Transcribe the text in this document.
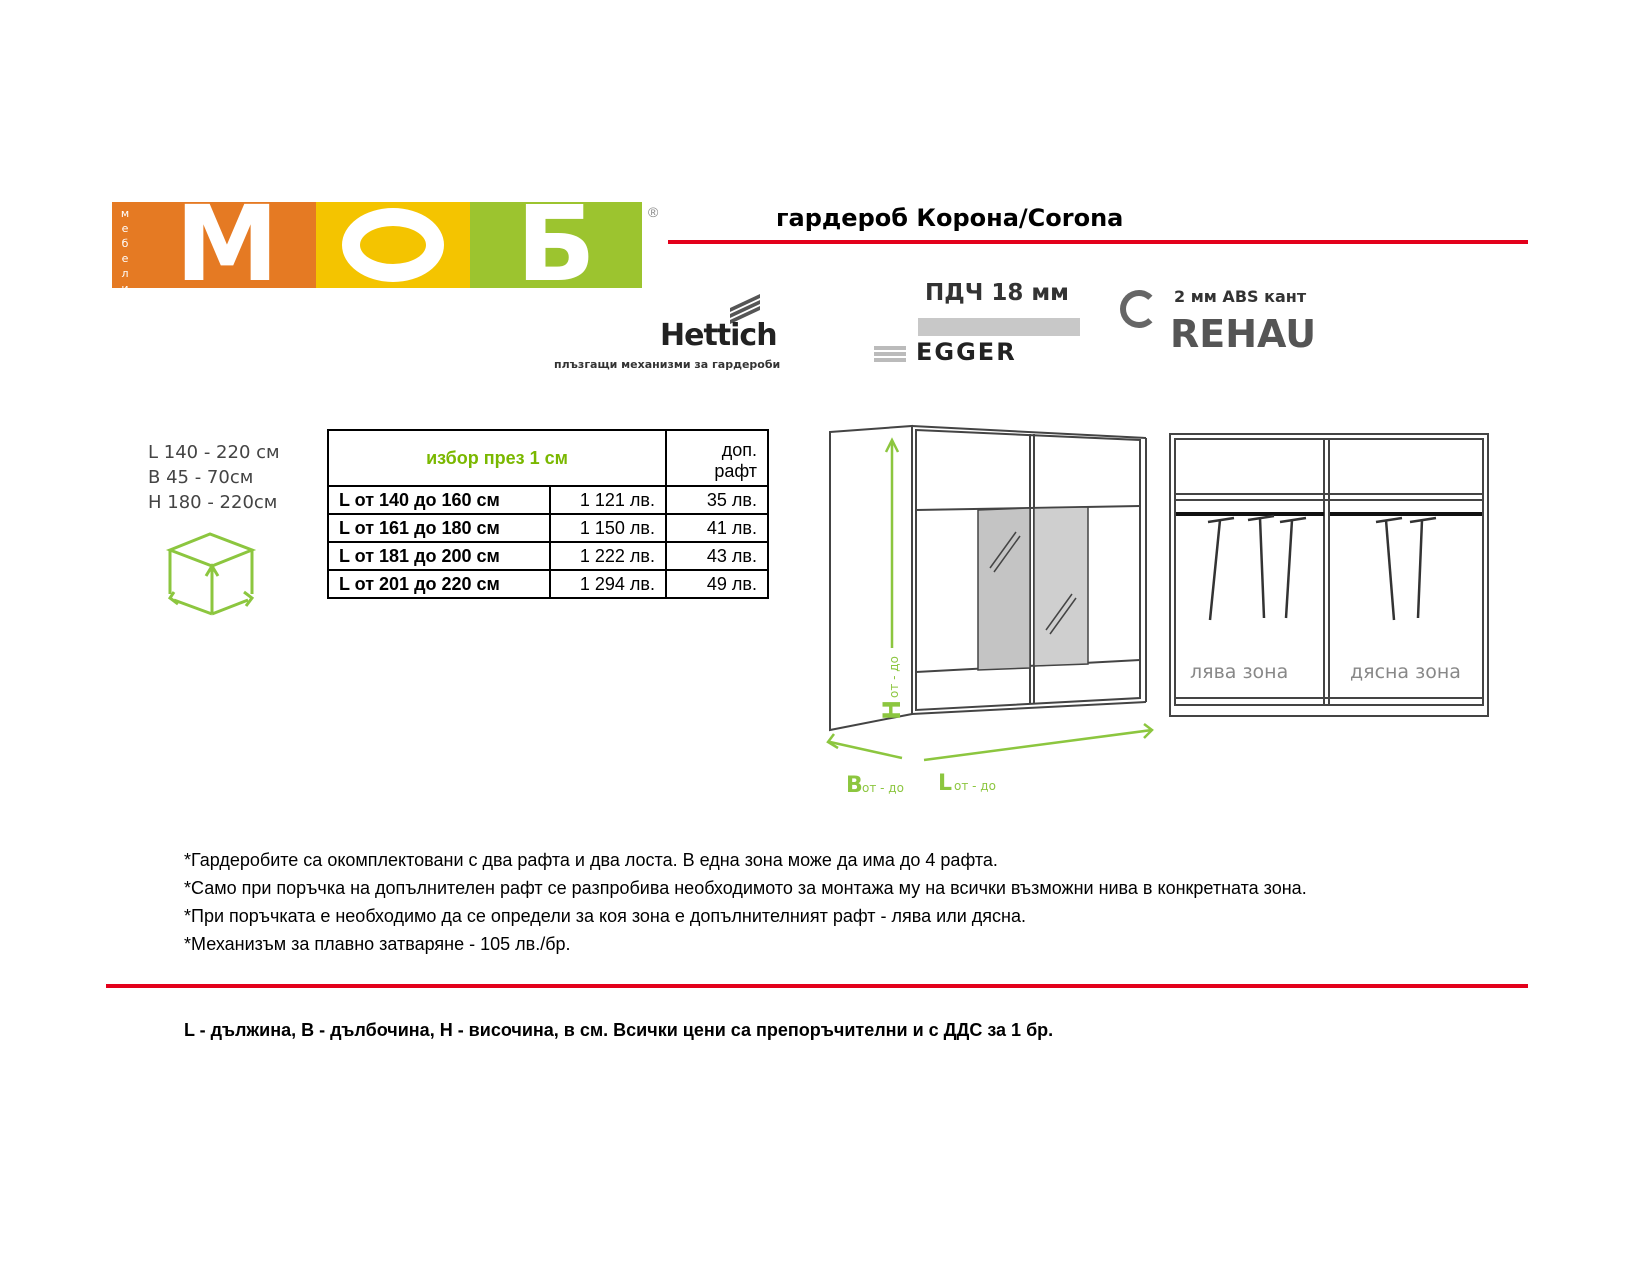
м
е
б
е
л
и М	Б	®	гардероб Корона/Corona
Hettich
плъзгащи механизми за гардероби
ПДЧ 18 мм
EGGER
2 мм ABS кант
REHAU
L 140 - 220 см
В 45 - 70см
H 180 - 220см
избор през 1 см		доп. рафт
L от 140 до 160 см	1 121 лв.	35 лв.
L от 161 до 180 см	1 150 лв.	41 лв.
L от 181 до 200 см	1 222 лв.	43 лв.
L от 201 до 220 см	1 294 лв.	49 лв.
H
от - до
B от - до L от - до
лява зона	дясна зона
*Гардеробите са окомплектовани с два рафта и два лоста. В една зона може да има до 4 рафта.
*Само при поръчка на допълнителен рафт се разпробива необходимото за монтажа му на всички възможни нива в конкретната зона.
*При поръчката е необходимо да се определи за коя зона е допълнителният рафт - лява или дясна.
*Механизъм за плавно затваряне - 105 лв./бр.
L - дължина, В - дълбочина, Н - височина, в см. Всички цени са препоръчителни и с ДДС за 1 бр.
